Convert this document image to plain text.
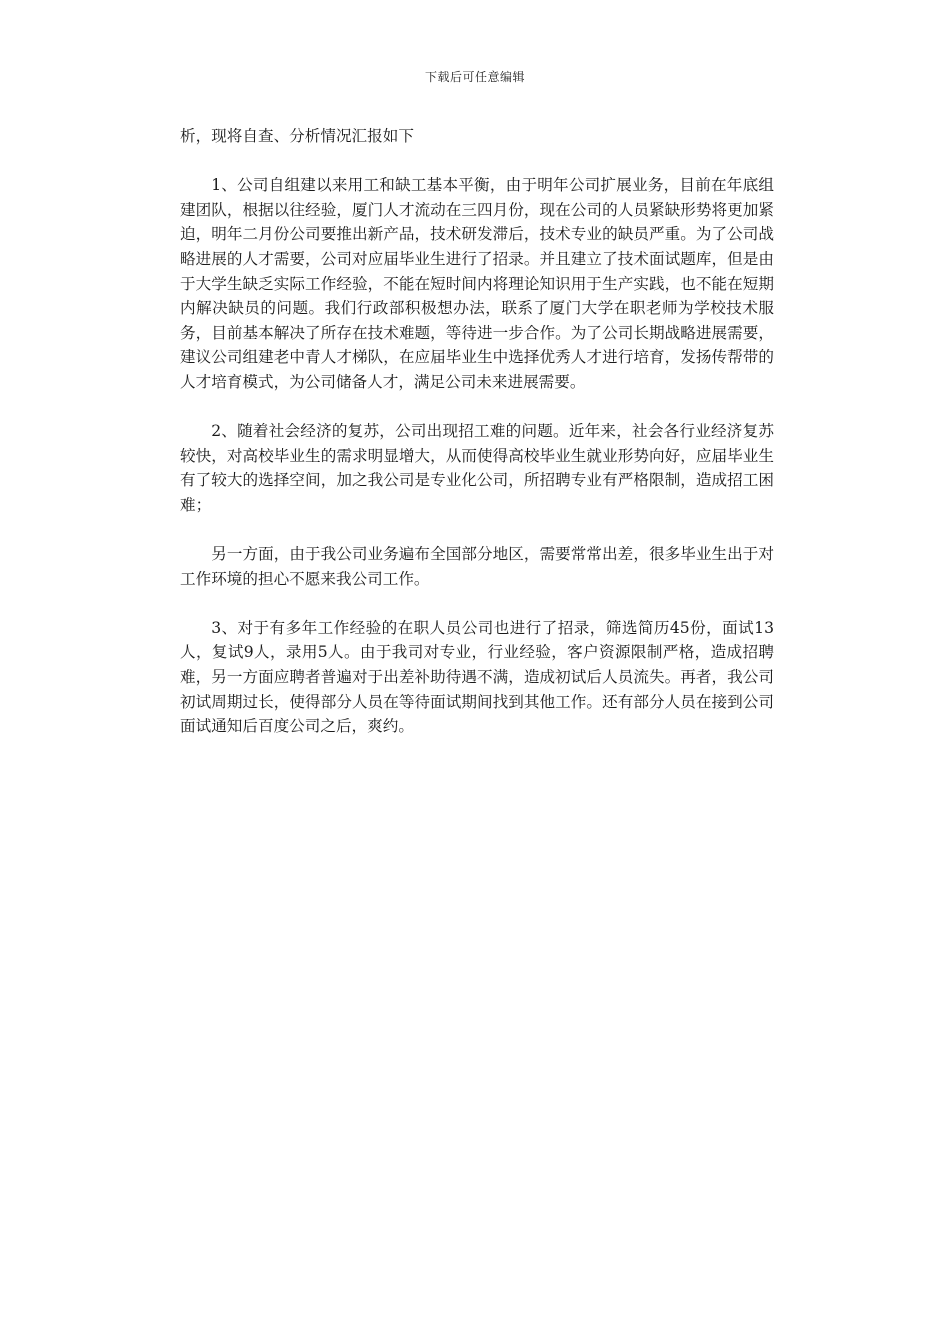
下载后可任意编辑

析，现将自查、分析情况汇报如下

1、公司自组建以来用工和缺工基本平衡，由于明年公司扩展业务，目前在年底组建团队，根据以往经验，厦门人才流动在三四月份，现在公司的人员紧缺形势将更加紧迫，明年二月份公司要推出新产品，技术研发滞后，技术专业的缺员严重。为了公司战略进展的人才需要，公司对应届毕业生进行了招录。并且建立了技术面试题库，但是由于大学生缺乏实际工作经验，不能在短时间内将理论知识用于生产实践，也不能在短期内解决缺员的问题。我们行政部积极想办法，联系了厦门大学在职老师为学校技术服务，目前基本解决了所存在技术难题，等待进一步合作。为了公司长期战略进展需要，建议公司组建老中青人才梯队，在应届毕业生中选择优秀人才进行培育，发扬传帮带的人才培育模式，为公司储备人才，满足公司未来进展需要。

2、随着社会经济的复苏，公司出现招工难的问题。近年来，社会各行业经济复苏较快，对高校毕业生的需求明显增大，从而使得高校毕业生就业形势向好，应届毕业生有了较大的选择空间，加之我公司是专业化公司，所招聘专业有严格限制，造成招工困难；

另一方面，由于我公司业务遍布全国部分地区，需要常常出差，很多毕业生出于对工作环境的担心不愿来我公司工作。

3、对于有多年工作经验的在职人员公司也进行了招录，筛选简历45份，面试13人，复试9人，录用5人。由于我司对专业，行业经验，客户资源限制严格，造成招聘难，另一方面应聘者普遍对于出差补助待遇不满，造成初试后人员流失。再者，我公司初试周期过长，使得部分人员在等待面试期间找到其他工作。还有部分人员在接到公司面试通知后百度公司之后，爽约。
